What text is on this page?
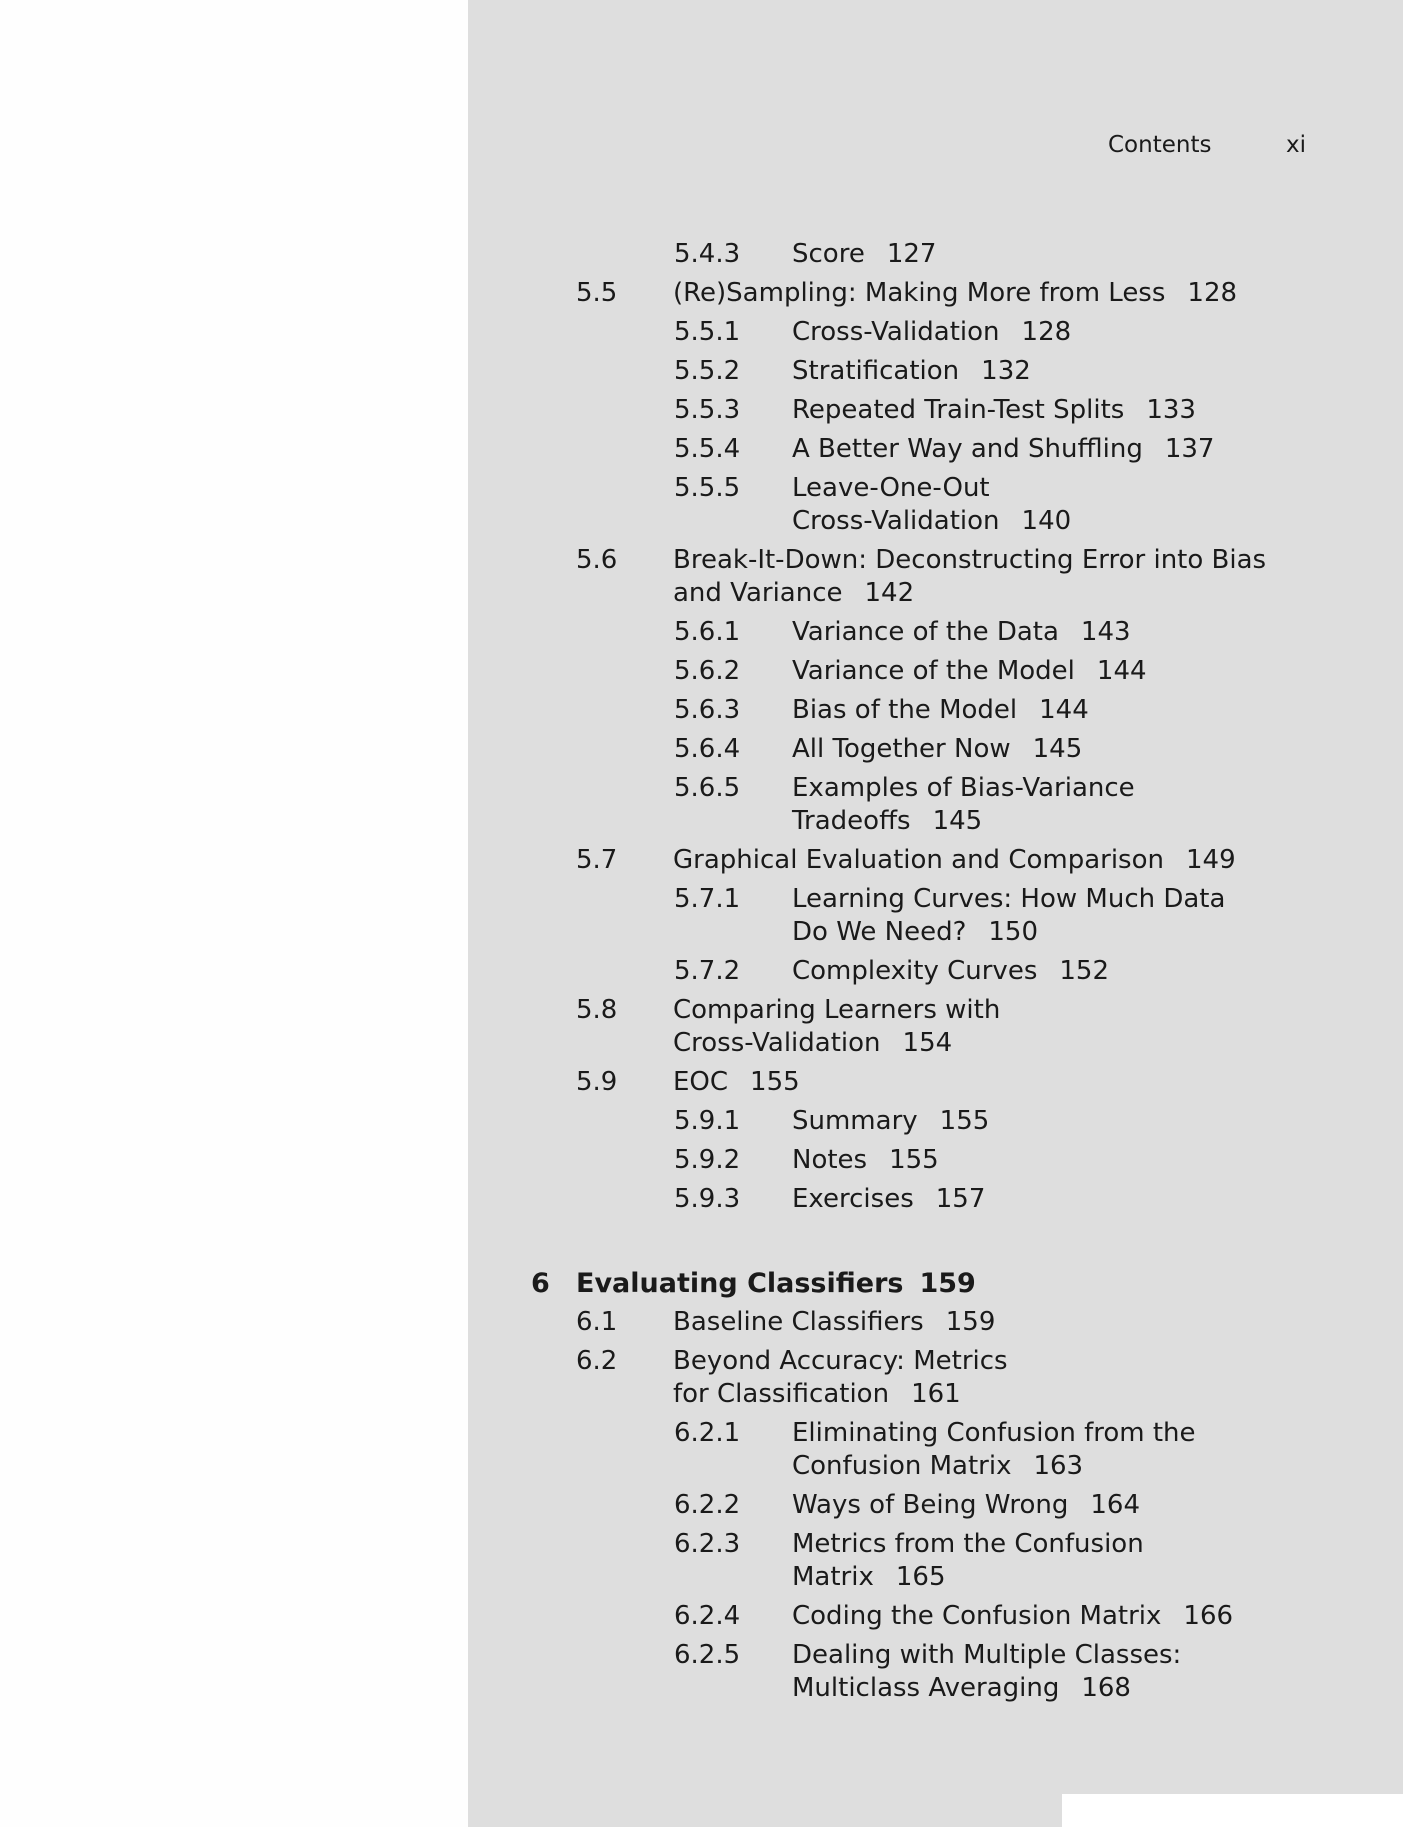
Contents	xi
5.4.3 Score 127
5.5 (Re)Sampling: Making More from Less 128
5.5.1 Cross-Validation 128
5.5.2 Stratification 132
5.5.3 Repeated Train-Test Splits 133
5.5.4 A Better Way and Shuffling 137
5.5.5 Leave-One-Out
Cross-Validation 140
5.6 Break-It-Down: Deconstructing Error into Bias
and Variance 142
5.6.1 Variance of the Data 143
5.6.2 Variance of the Model 144
5.6.3 Bias of the Model 144
5.6.4 All Together Now 145
5.6.5 Examples of Bias-Variance
Tradeoffs 145
5.7 Graphical Evaluation and Comparison 149
5.7.1 Learning Curves: How Much Data
Do We Need? 150
5.7.2 Complexity Curves 152
5.8 Comparing Learners with
Cross-Validation 154
5.9 EOC 155
5.9.1 Summary 155
5.9.2 Notes 155
5.9.3 Exercises 157
6 Evaluating Classifiers 159
6.1 Baseline Classifiers 159
6.2 Beyond Accuracy: Metrics
for Classification 161
6.2.1 Eliminating Confusion from the
Confusion Matrix 163
6.2.2 Ways of Being Wrong 164
6.2.3 Metrics from the Confusion
Matrix 165
6.2.4 Coding the Confusion Matrix 166
6.2.5 Dealing with Multiple Classes:
Multiclass Averaging 168
